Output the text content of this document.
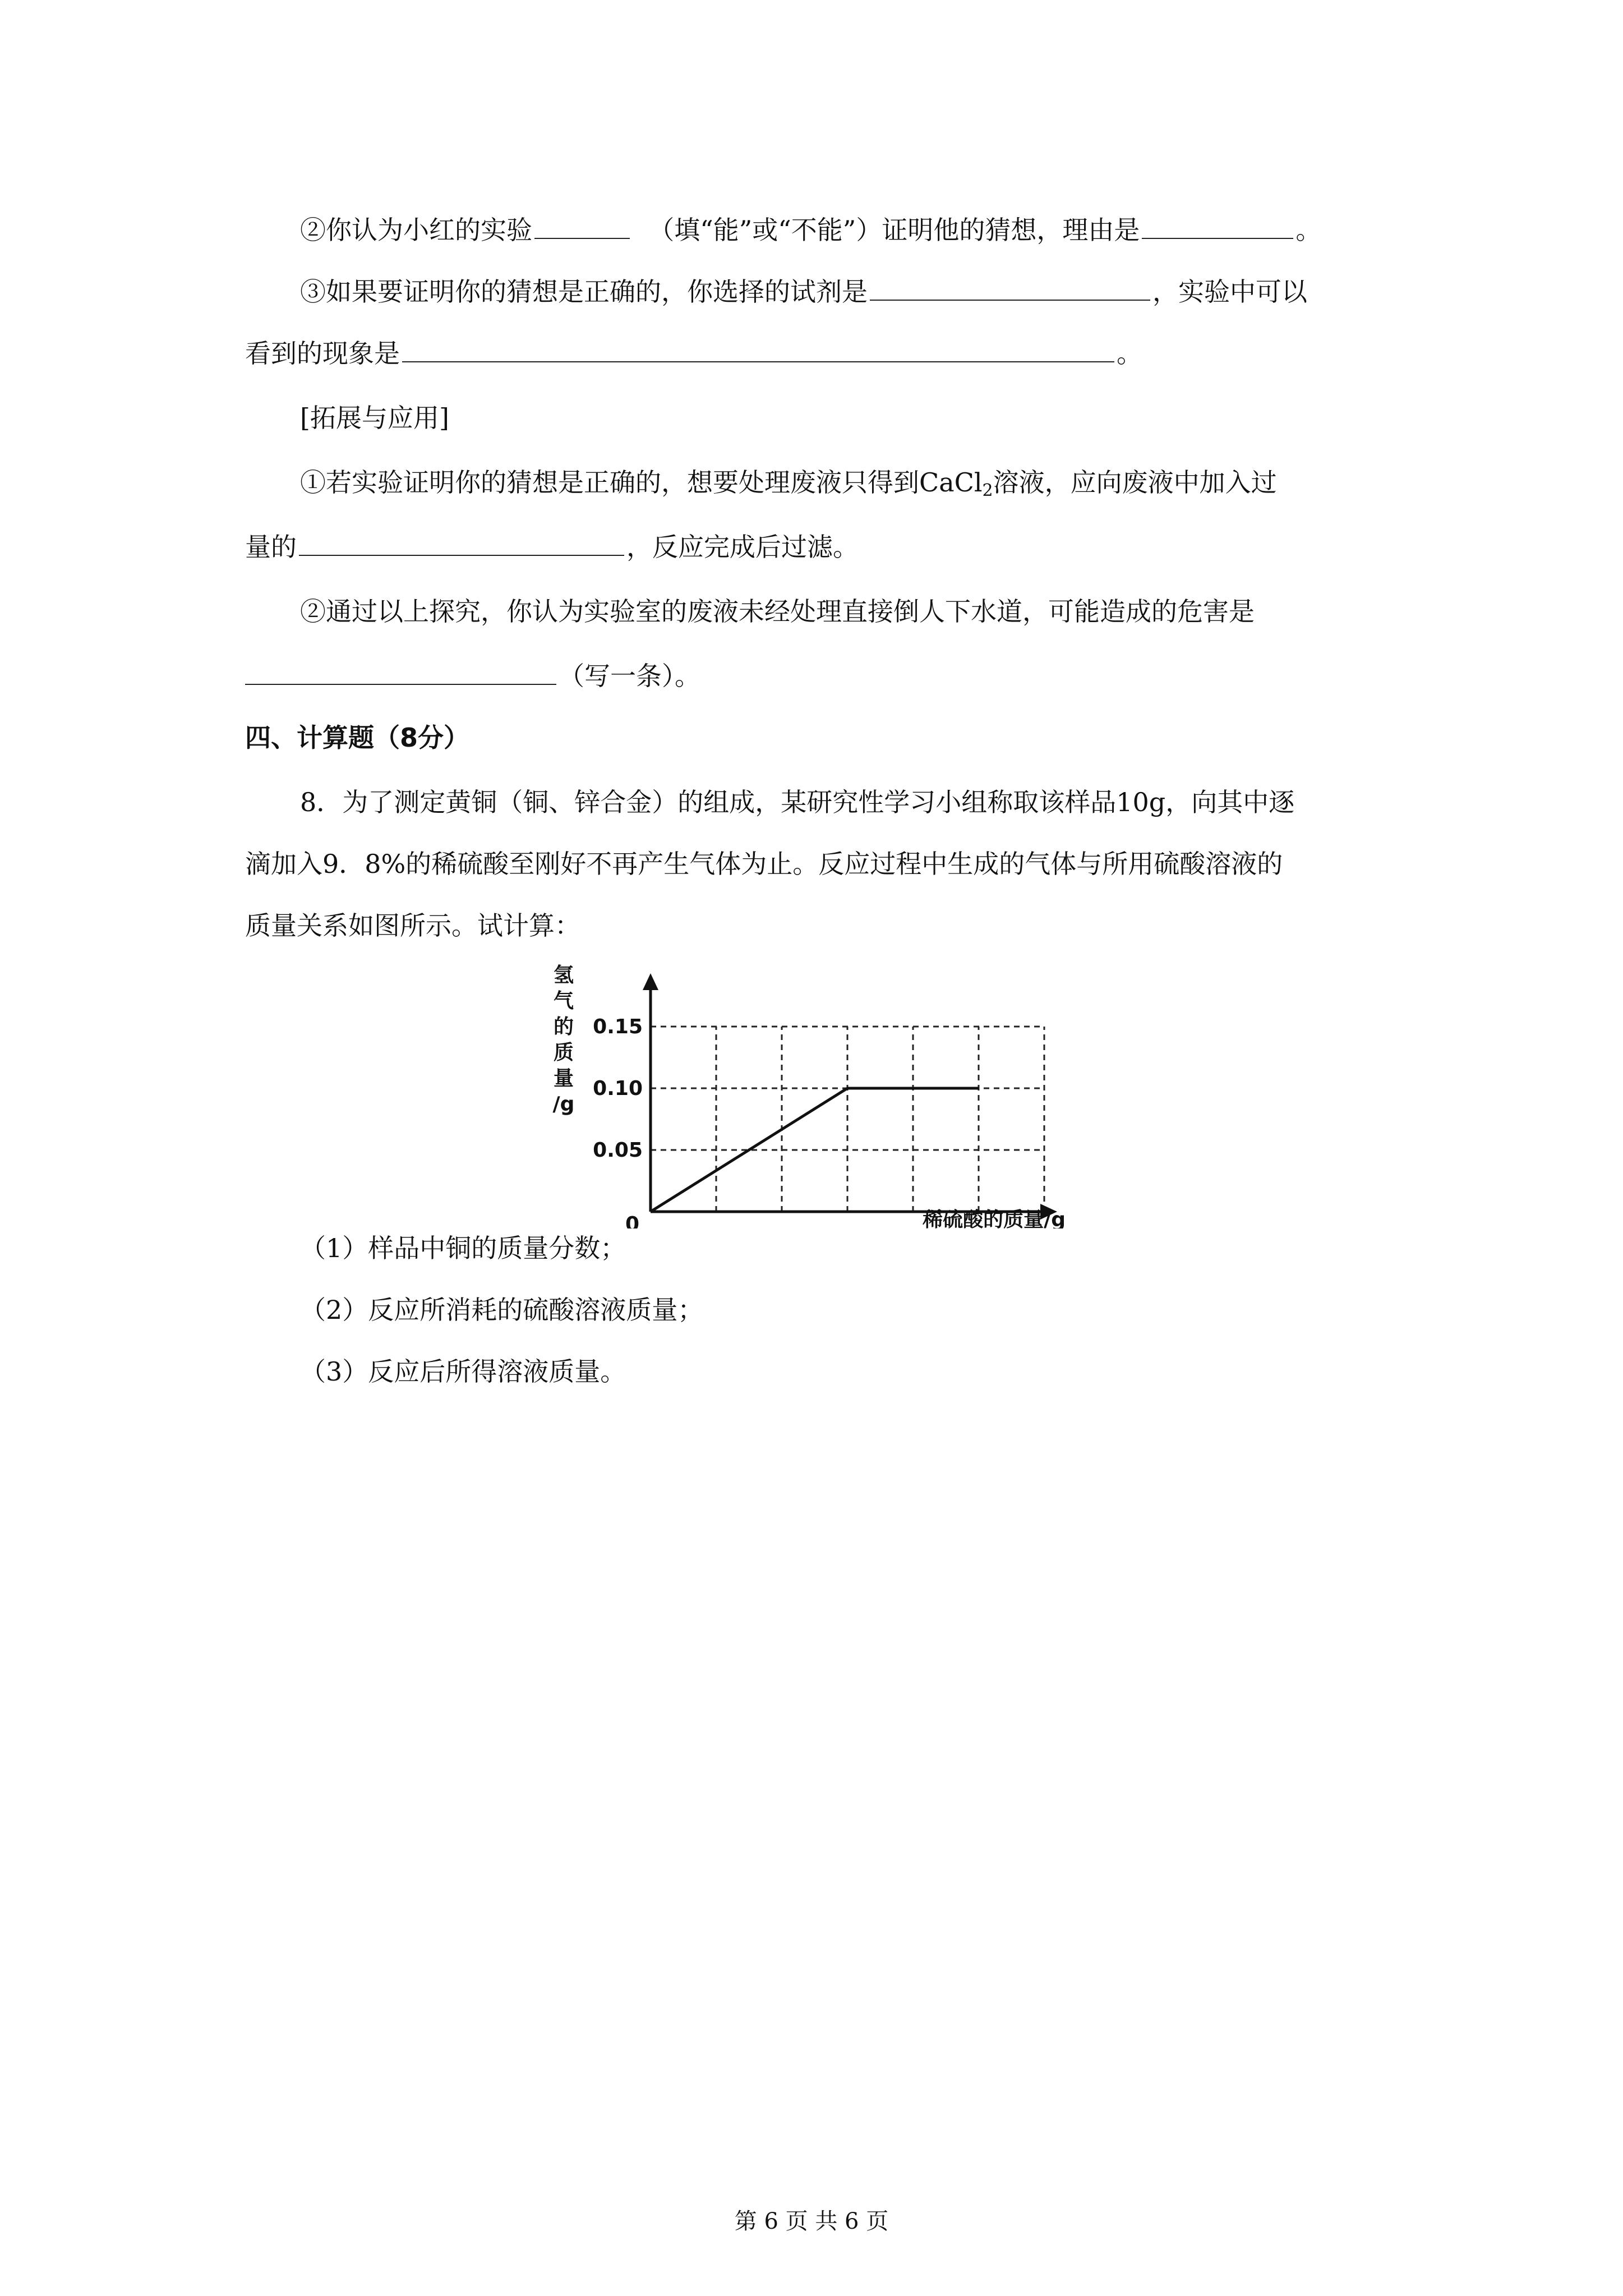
②你认为小红的实验	（填“能”或“不能”）证明他的猜想，理由是	。
③如果要证明你的猜想是正确的，你选择的试剂是	，实验中可以
看到的现象是	。
[拓展与应用]
①若实验证明你的猜想是正确的，想要处理废液只得到CaCl$_2$溶液，应向废液中加入过
量的	，反应完成后过滤。
②通过以上探究，你认为实验室的废液未经处理直接倒人下水道，可能造成的危害是
（写一条）。
四、计算题（8分）
8．为了测定黄铜（铜、锌合金）的组成，某研究性学习小组称取该样品10g，向其中逐
滴加入9．8%的稀硫酸至刚好不再产生气体为止。反应过程中生成的气体与所用硫酸溶液的
质量关系如图所示。试计算：
0.05
0.10
0.15
0	稀硫酸的质量/g
氢
气
的
质
量
/g
（1）样品中铜的质量分数；
（2）反应所消耗的硫酸溶液质量；
（3）反应后所得溶液质量。
第 6 页 共 6 页
